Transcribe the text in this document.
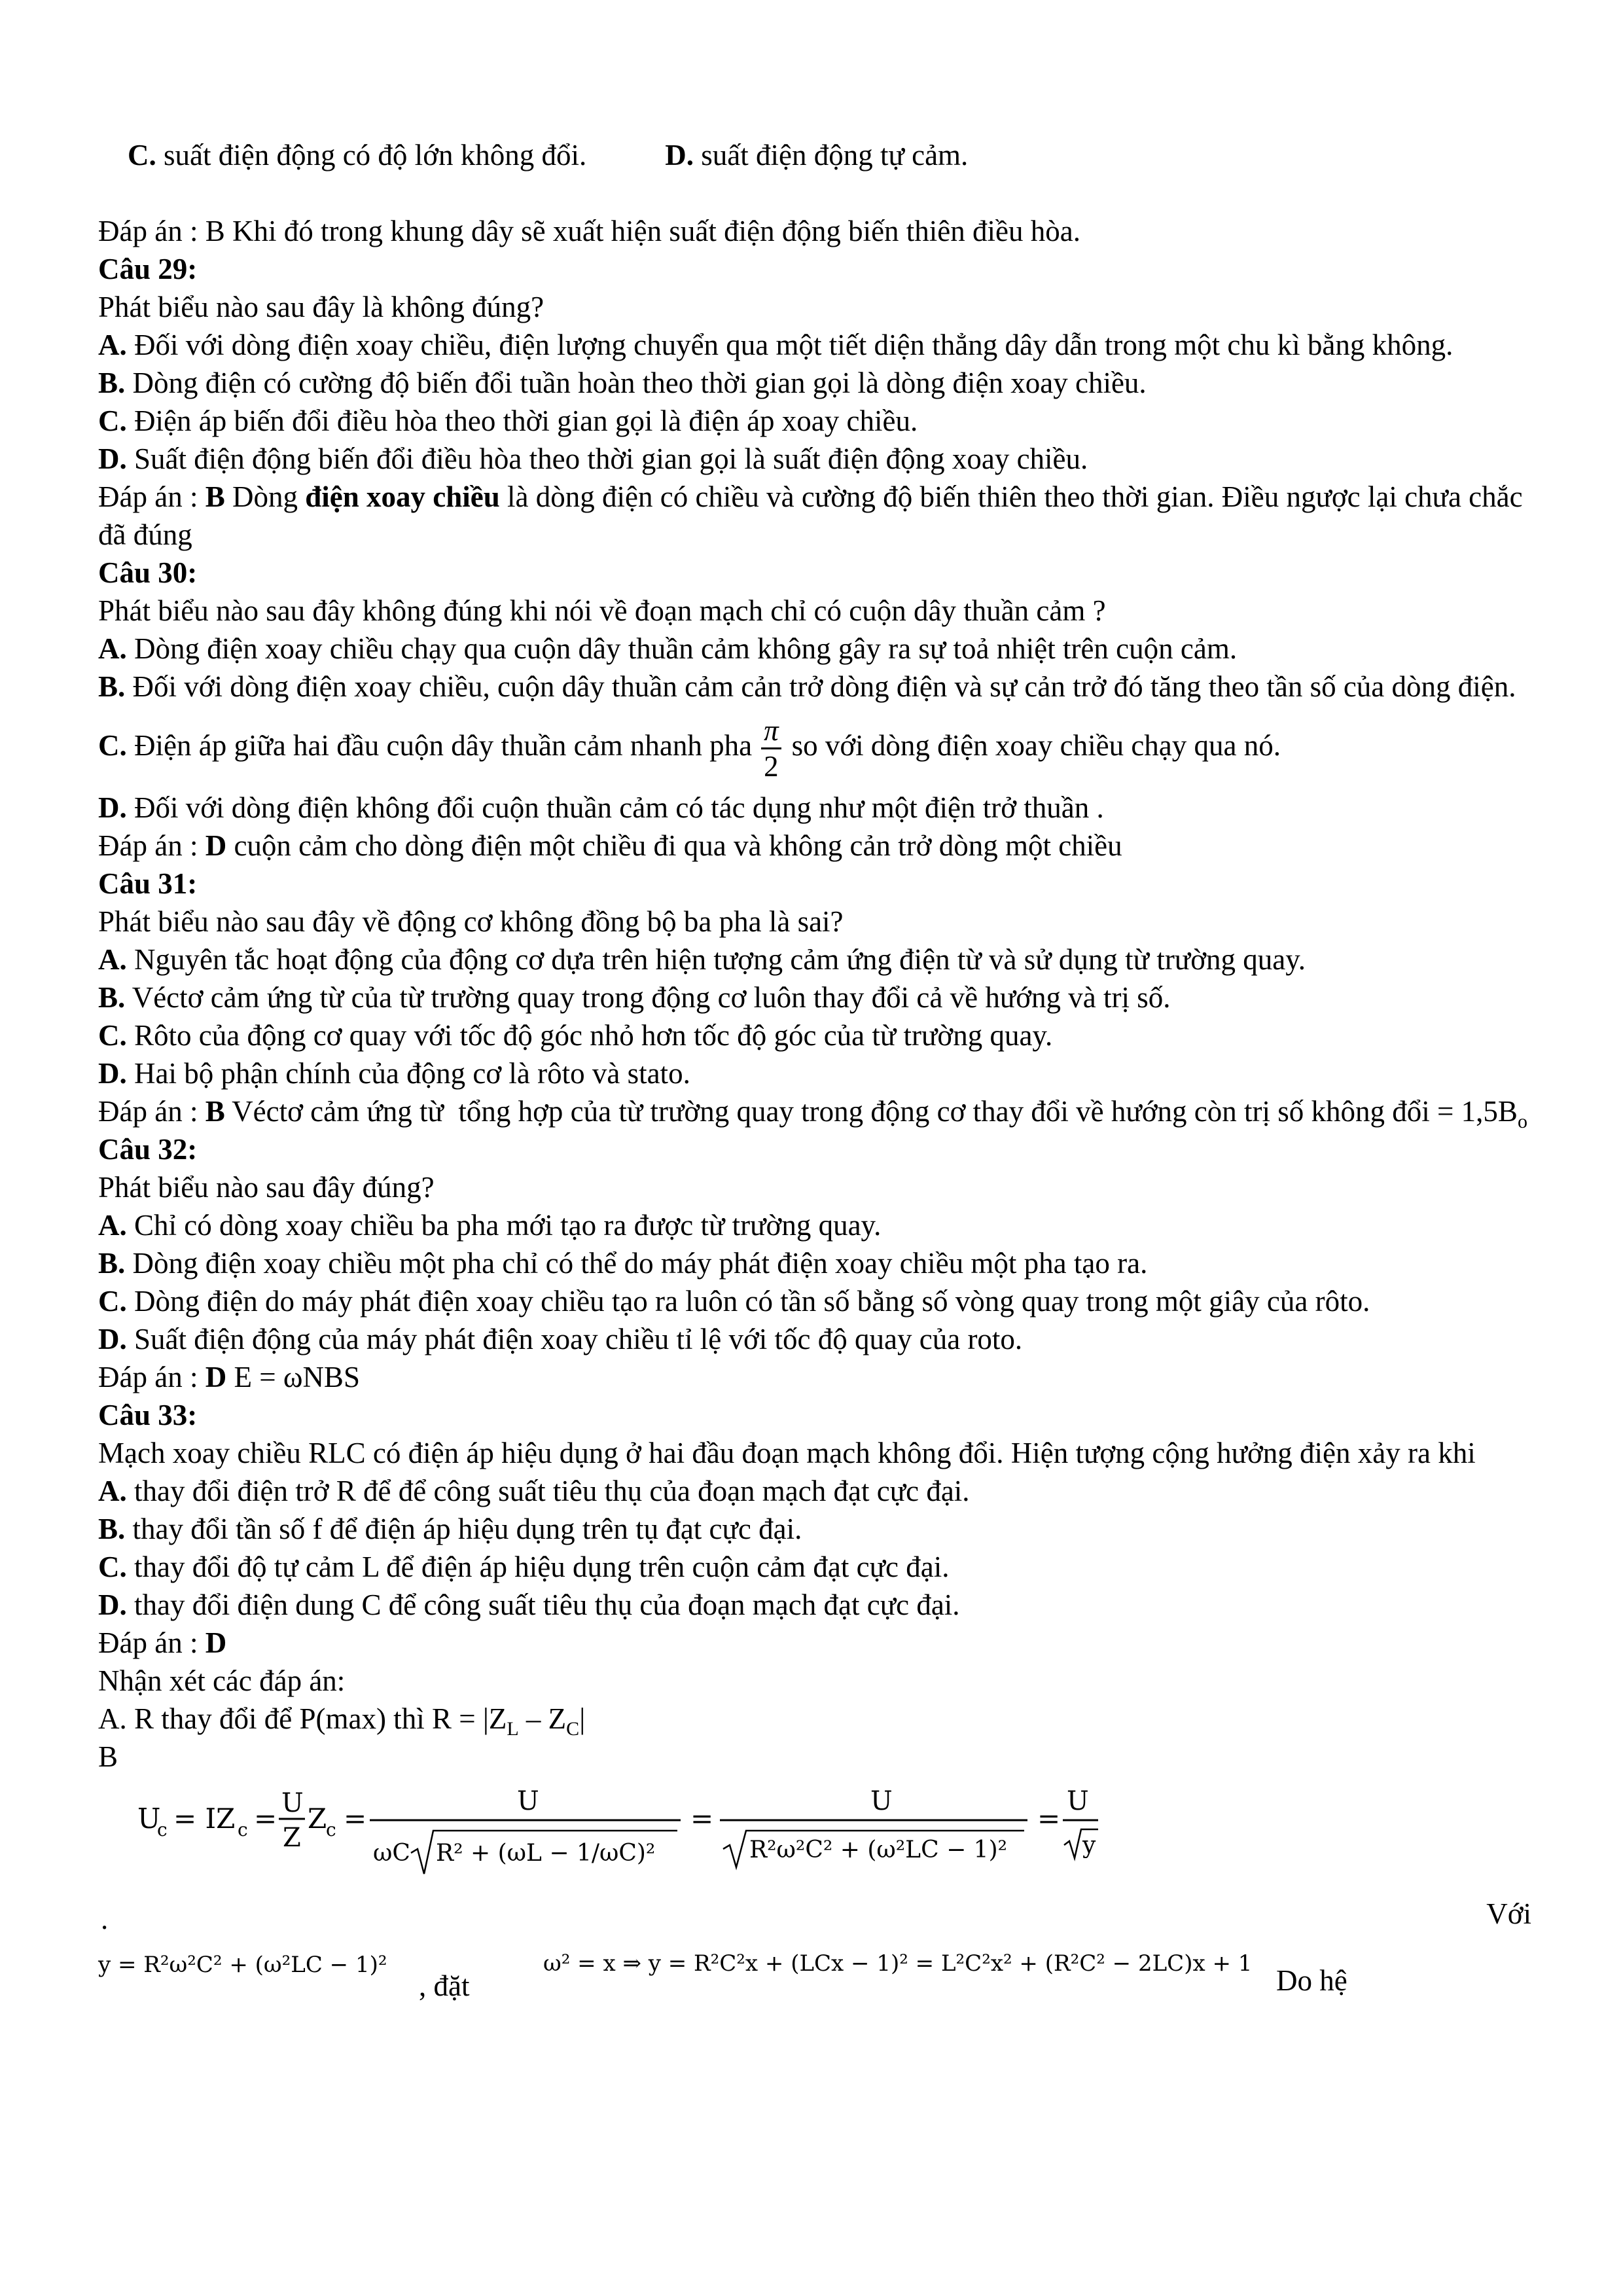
C. suất điện động có độ lớn không đổi.	D. suất điện động tự cảm.

Đáp án : B Khi đó trong khung dây sẽ xuất hiện suất điện động biến thiên điều hòa.
Câu 29:
Phát biểu nào sau đây là không đúng?
A. Đối với dòng điện xoay chiều, điện lượng chuyển qua một tiết diện thẳng dây dẫn trong một chu kì bằng không.
B. Dòng điện có cường độ biến đổi tuần hoàn theo thời gian gọi là dòng điện xoay chiều.
C. Điện áp biến đổi điều hòa theo thời gian gọi là điện áp xoay chiều.
D. Suất điện động biến đổi điều hòa theo thời gian gọi là suất điện động xoay chiều.
Đáp án : B Dòng điện xoay chiều là dòng điện có chiều và cường độ biến thiên theo thời gian. Điều ngược lại chưa chắc đã đúng
Câu 30:
Phát biểu nào sau đây không đúng khi nói về đoạn mạch chỉ có cuộn dây thuần cảm ?
A. Dòng điện xoay chiều chạy qua cuộn dây thuần cảm không gây ra sự toả nhiệt trên cuộn cảm.
B. Đối với dòng điện xoay chiều, cuộn dây thuần cảm cản trở dòng điện và sự cản trở đó tăng theo tần số của dòng điện.
C. Điện áp giữa hai đầu cuộn dây thuần cảm nhanh pha $\frac{\pi}{2}$ so với dòng điện xoay chiều chạy qua nó.
D. Đối với dòng điện không đổi cuộn thuần cảm có tác dụng như một điện trở thuần .
Đáp án : D cuộn cảm cho dòng điện một chiều đi qua và không cản trở dòng một chiều
Câu 31:
Phát biểu nào sau đây về động cơ không đồng bộ ba pha là sai?
A. Nguyên tắc hoạt động của động cơ dựa trên hiện tượng cảm ứng điện từ và sử dụng từ trường quay.
B. Véctơ cảm ứng từ của từ trường quay trong động cơ luôn thay đổi cả về hướng và trị số.
C. Rôto của động cơ quay với tốc độ góc nhỏ hơn tốc độ góc của từ trường quay.
D. Hai bộ phận chính của động cơ là rôto và stato.
Đáp án : B Véctơ cảm ứng từ  tổng hợp của từ trường quay trong động cơ thay đổi về hướng còn trị số không đổi = $1,5B_o$
Câu 32:
Phát biểu nào sau đây đúng?
A. Chỉ có dòng xoay chiều ba pha mới tạo ra được từ trường quay.
B. Dòng điện xoay chiều một pha chỉ có thể do máy phát điện xoay chiều một pha tạo ra.
C. Dòng điện do máy phát điện xoay chiều tạo ra luôn có tần số bằng số vòng quay trong một giây của rôto.
D. Suất điện động của máy phát điện xoay chiều tỉ lệ với tốc độ quay của roto.
Đáp án : D E = ωNBS
Câu 33:
Mạch xoay chiều RLC có điện áp hiệu dụng ở hai đầu đoạn mạch không đổi. Hiện tượng cộng hưởng điện xảy ra khi
A. thay đổi điện trở R để để công suất tiêu thụ của đoạn mạch đạt cực đại.
B. thay đổi tần số f để điện áp hiệu dụng trên tụ đạt cực đại.
C. thay đổi độ tự cảm L để điện áp hiệu dụng trên cuộn cảm đạt cực đại.
D. thay đổi điện dung C để công suất tiêu thụ của đoạn mạch đạt cực đại.
Đáp án : D
Nhận xét các đáp án:
A. R thay đổi để P(max) thì $R = |Z_L - Z_C|$
B
U
c = IZ c = U
Z
Z
c =
U
ωC R² + (ωL − 1/ωC)²
=
U
R²ω²C² + (ω²LC − 1)²
=
U
y
.	Với
y = R²ω²C² + (ω²LC − 1)²
, đặt
ω² = x ⇒ y = R²C²x + (LCx − 1)² = L²C²x² + (R²C² − 2LC)x + 1
Do hệ
